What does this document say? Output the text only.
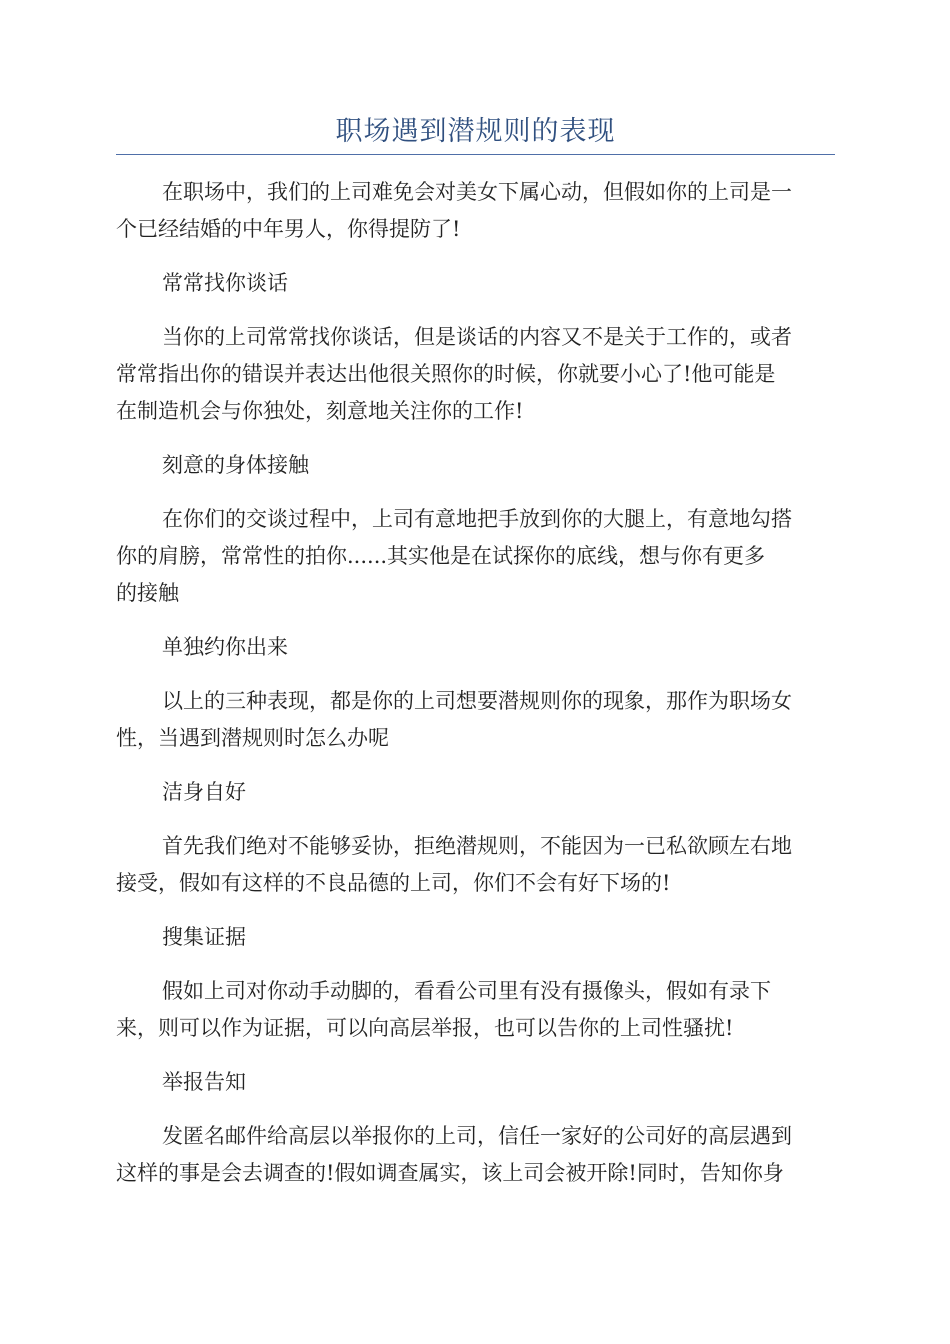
职场遇到潜规则的表现
在职场中，我们的上司难免会对美女下属心动，但假如你的上司是一
个已经结婚的中年男人，你得提防了!
常常找你谈话
当你的上司常常找你谈话，但是谈话的内容又不是关于工作的，或者
常常指出你的错误并表达出他很关照你的时候，你就要小心了!他可能是
在制造机会与你独处，刻意地关注你的工作!
刻意的身体接触
在你们的交谈过程中，上司有意地把手放到你的大腿上，有意地勾搭
你的肩膀，常常性的拍你......其实他是在试探你的底线，想与你有更多
的接触
单独约你出来
以上的三种表现，都是你的上司想要潜规则你的现象，那作为职场女
性，当遇到潜规则时怎么办呢
洁身自好
首先我们绝对不能够妥协，拒绝潜规则，不能因为一已私欲顾左右地
接受，假如有这样的不良品德的上司，你们不会有好下场的!
搜集证据
假如上司对你动手动脚的，看看公司里有没有摄像头，假如有录下
来，则可以作为证据，可以向高层举报，也可以告你的上司性骚扰!
举报告知
发匿名邮件给高层以举报你的上司，信任一家好的公司好的高层遇到
这样的事是会去调查的!假如调查属实，该上司会被开除!同时，告知你身
